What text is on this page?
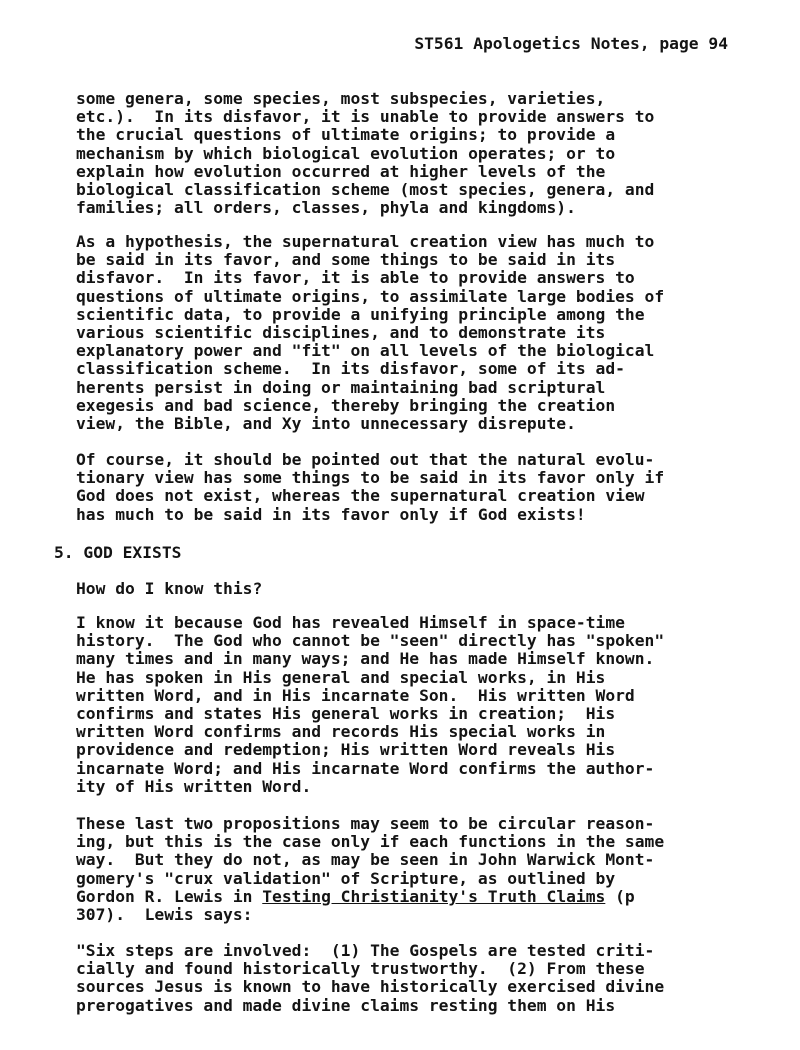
ST561 Apologetics Notes, page 94
some genera, some species, most subspecies, varieties,
etc.).  In its disfavor, it is unable to provide answers to
the crucial questions of ultimate origins; to provide a
mechanism by which biological evolution operates; or to
explain how evolution occurred at higher levels of the
biological classification scheme (most species, genera, and
families; all orders, classes, phyla and kingdoms).
As a hypothesis, the supernatural creation view has much to
be said in its favor, and some things to be said in its
disfavor.  In its favor, it is able to provide answers to
questions of ultimate origins, to assimilate large bodies of
scientific data, to provide a unifying principle among the
various scientific disciplines, and to demonstrate its
explanatory power and "fit" on all levels of the biological
classification scheme.  In its disfavor, some of its ad-
herents persist in doing or maintaining bad scriptural
exegesis and bad science, thereby bringing the creation
view, the Bible, and Xy into unnecessary disrepute.
Of course, it should be pointed out that the natural evolu-
tionary view has some things to be said in its favor only if
God does not exist, whereas the supernatural creation view
has much to be said in its favor only if God exists!
5. GOD EXISTS
How do I know this?
I know it because God has revealed Himself in space-time
history.  The God who cannot be "seen" directly has "spoken"
many times and in many ways; and He has made Himself known.
He has spoken in His general and special works, in His
written Word, and in His incarnate Son.  His written Word
confirms and states His general works in creation;  His
written Word confirms and records His special works in
providence and redemption; His written Word reveals His
incarnate Word; and His incarnate Word confirms the author-
ity of His written Word.
These last two propositions may seem to be circular reason-
ing, but this is the case only if each functions in the same
way.  But they do not, as may be seen in John Warwick Mont-
gomery's "crux validation" of Scripture, as outlined by
Gordon R. Lewis in Testing Christianity's Truth Claims (p
307).  Lewis says:
"Six steps are involved:  (1) The Gospels are tested criti-
cially and found historically trustworthy.  (2) From these
sources Jesus is known to have historically exercised divine
prerogatives and made divine claims resting them on His
